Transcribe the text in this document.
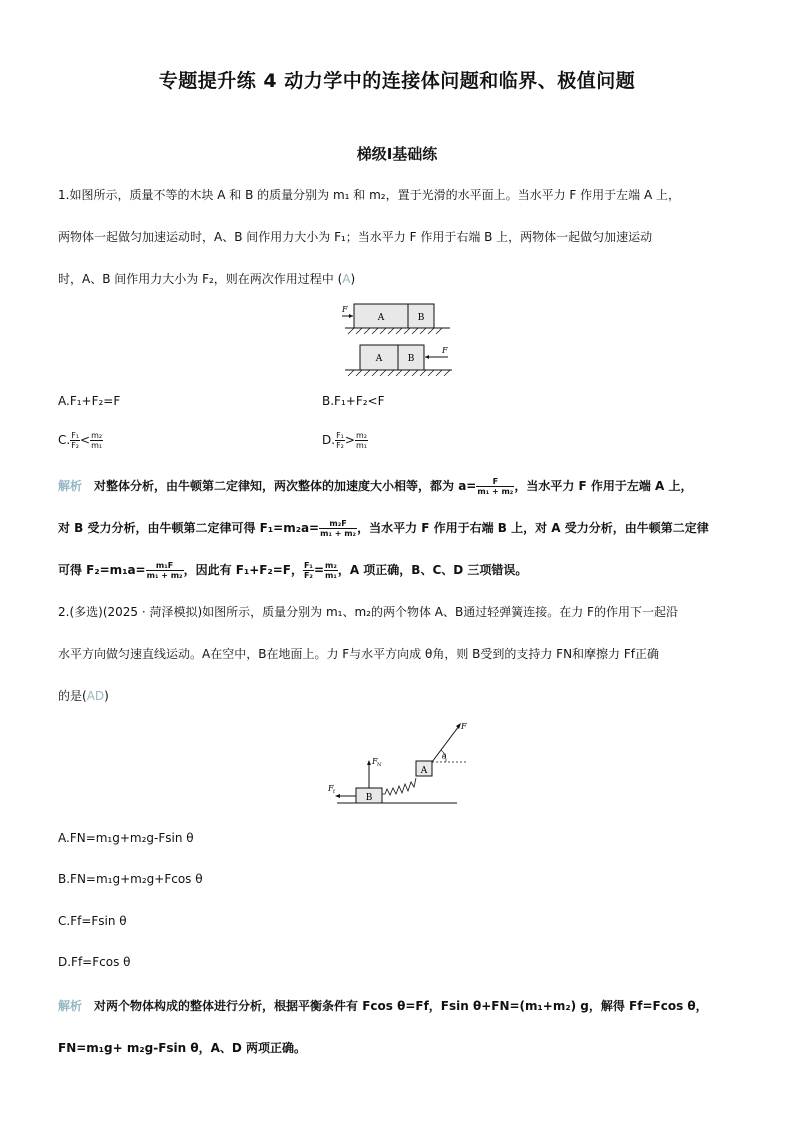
专题提升练 4 动力学中的连接体问题和临界、极值问题
梯级Ⅰ基础练
1.如图所示，质量不等的木块 A 和 B 的质量分别为 m₁ 和 m₂，置于光滑的水平面上。当水平力 F 作用于左端 A 上，
两物体一起做匀加速运动时，A、B 间作用力大小为 F₁；当水平力 F 作用于右端 B 上，两物体一起做匀加速运动
时，A、B 间作用力大小为 F₂，则在两次作用过程中 (A)
A	B
F
A	B
F
A.F₁+F₂=F	B.F₁+F₂<F
C. $\frac{\text{F₁}}{\text{F₂}} < \frac{\text{m₂}}{\text{m₁}}$	D. $\frac{\text{F₁}}{\text{F₂}} > \frac{\text{m₂}}{\text{m₁}}$
解析 对整体分析，由牛顿第二定律知，两次整体的加速度大小相等，都为 $a= \frac{F}{\text{m₁ + m₂}}$ ，当水平力 F 作用于左端 A 上，
对 B 受力分析，由牛顿第二定律可得 $F_1=m_2a= \frac{\text{m₂F}}{\text{m₁ + m₂}}$ ，当水平力 F 作用于右端 B 上，对 A 受力分析，由牛顿第二定律
可得 $F_2=m_1a= \frac{\text{m₁F}}{\text{m₁ + m₂}}$ ，因此有 F₁+F₂=F， $\frac{\text{F₁}}{\text{F₂}} = \frac{\text{m₂}}{\text{m₁}}$ ，A 项正确，B、C、D 三项错误。
2.(多选)(2025 · 菏泽模拟)如图所示，质量分别为 m₁、m₂的两个物体 A、B通过轻弹簧连接。在力 F的作用下一起沿
水平方向做匀速直线运动。A在空中，B在地面上。力 F与水平方向成 θ角，则 B受到的支持力 FN和摩擦力 Ff正确
的是(AD)
B
A
F N
F f
F
θ
A.FN=m₁g+m₂g-Fsin θ
B.FN=m₁g+m₂g+Fcos θ
C.Ff=Fsin θ
D.Ff=Fcos θ
解析 对两个物体构成的整体进行分析，根据平衡条件有 Fcos θ=Ff，Fsin θ+FN=(m₁+m₂) g，解得 Ff=Fcos θ，
FN=m₁g+ m₂g-Fsin θ，A、D 两项正确。
